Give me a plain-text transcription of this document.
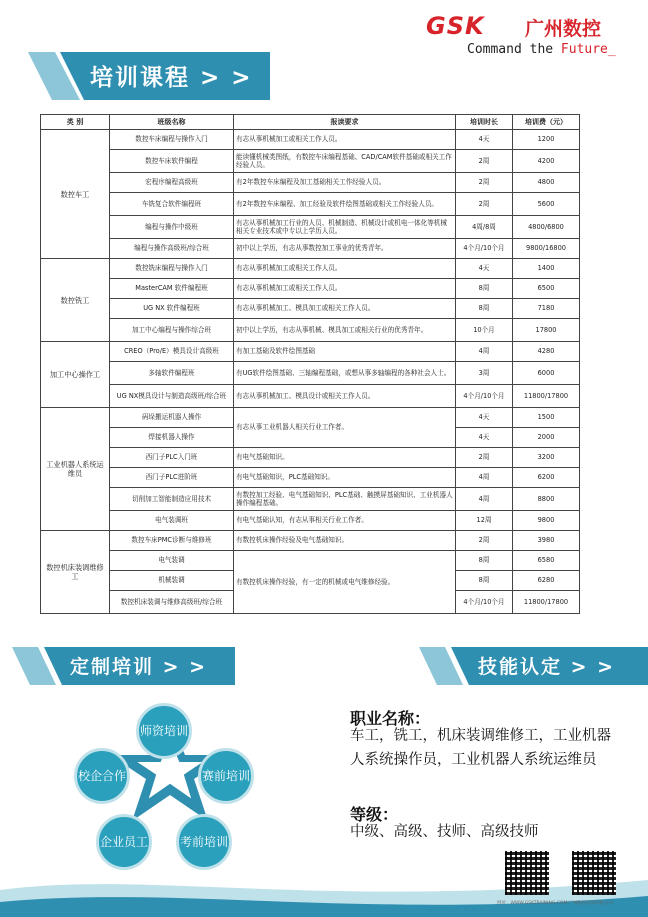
GSK 广州数控
Command the Future_
培训课程 > >
类 别	班级名称	报读要求	培训时长	培训费（元）
数控车工	数控车床编程与操作入门	有志从事机械加工或相关工作人员。	4天	1200
	数控车床软件编程	能读懂机械类图纸，有数控车床编程基础、CAD/CAM软件基础或相关工作经验人员。	2周	4200
	宏程序编程高级班	有2年数控车床编程及加工基础相关工作经验人员。	2周	4800
	车铣复合软件编程班	有2年数控车床编程、加工经验及软件绘图基础或相关工作经验人员。	2周	5600
	编程与操作中级班	有志从事机械加工行业的人员、机械制造、机械设计或机电一体化等机械相关专业技术或中专以上学历人员。	4周/8周	4800/6800
	编程与操作高级班/综合班	初中以上学历，有志从事数控加工事业的优秀青年。	4个月/10个月	9800/16800
数控铣工	数控铣床编程与操作入门	有志从事机械加工或相关工作人员。	4天	1400
	MasterCAM 软件编程班	有志从事机械加工或相关工作人员。	8周	6500
	UG NX 软件编程班	有志从事机械加工、模具加工或相关工作人员。	8周	7180
	加工中心编程与操作综合班	初中以上学历，有志从事机械、模具加工或相关行业的优秀青年。	10个月	17800
加工中心操作工	CREO（Pro/E）模具设计高级班	有加工基础及软件绘图基础	4周	4280
	多轴软件编程班	有UG软件绘图基础、三轴编程基础，或想从事多轴编程的各种社会人士。	3周	6000
	UG NX模具设计与制造高级班/综合班	有志从事机械加工、模具设计或相关工作人员。	4个月/10个月	11800/17800
工业机器人系统运维员	码垛搬运机器人操作	有志从事工业机器人相关行业工作者。	4天	1500
	焊接机器人操作		4天	2000
	西门子PLC入门班	有电气基础知识。	2周	3200
	西门子PLC进阶班	有电气基础知识，PLC基础知识。	4周	6200
	切削加工智能制造应用技术	有数控加工经验、电气基础知识、PLC基础、触摸屏基础知识、工业机器人操作编程基础。	4周	8800
	电气装调班	有电气基础认知，有志从事相关行业工作者。	12周	9800
数控机床装调维修工	数控车床PMC诊断与维修班	有数控机床操作经验及电气基础知识。	2周	3980
	电气装调	有数控机床操作经验，有一定的机械或电气维修经验。	8周	6580
	机械装调		8周	6280
	数控机床装调与维修高级班/综合班		4个月/10个月	11800/17800
定制培训 > >	技能认定 > >
师资培训
赛前培训
考前培训
企业员工
校企合作
职业名称：
车工，铣工，机床装调维修工，工业机器人系统操作员，工业机器人系统运维员
等级：
中级、高级、技师、高级技师
网址：WWW.GSKTRAINING.COM 广州数控培训有限公司
